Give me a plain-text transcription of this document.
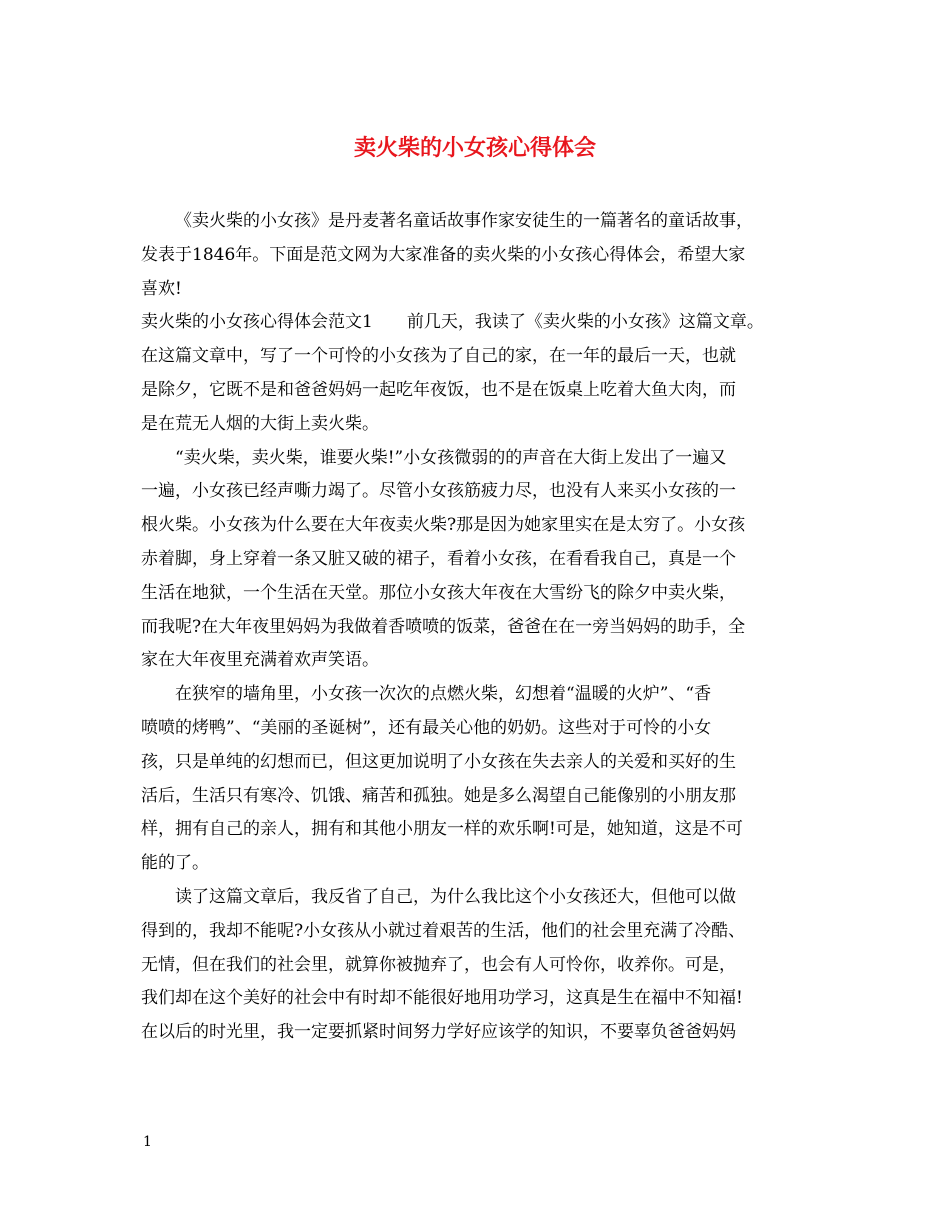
卖火柴的小女孩心得体会

《卖火柴的小女孩》是丹麦著名童话故事作家安徒生的一篇著名的童话故事，
发表于1846年。下面是范文网为大家准备的卖火柴的小女孩心得体会，希望大家
喜欢!

卖火柴的小女孩心得体会范文1　　前几天，我读了《卖火柴的小女孩》这篇文章。
在这篇文章中，写了一个可怜的小女孩为了自己的家，在一年的最后一天，也就
是除夕，它既不是和爸爸妈妈一起吃年夜饭，也不是在饭桌上吃着大鱼大肉，而
是在荒无人烟的大街上卖火柴。

“卖火柴，卖火柴，谁要火柴!”小女孩微弱的的声音在大街上发出了一遍又
一遍，小女孩已经声嘶力竭了。尽管小女孩筋疲力尽，也没有人来买小女孩的一
根火柴。小女孩为什么要在大年夜卖火柴?那是因为她家里实在是太穷了。小女孩
赤着脚，身上穿着一条又脏又破的裙子，看着小女孩，在看看我自己，真是一个
生活在地狱，一个生活在天堂。那位小女孩大年夜在大雪纷飞的除夕中卖火柴，
而我呢?在大年夜里妈妈为我做着香喷喷的饭菜，爸爸在在一旁当妈妈的助手，全
家在大年夜里充满着欢声笑语。

在狭窄的墙角里，小女孩一次次的点燃火柴，幻想着“温暖的火炉”、“香
喷喷的烤鸭”、“美丽的圣诞树”，还有最关心他的奶奶。这些对于可怜的小女
孩，只是单纯的幻想而已，但这更加说明了小女孩在失去亲人的关爱和买好的生
活后，生活只有寒冷、饥饿、痛苦和孤独。她是多么渴望自己能像别的小朋友那
样，拥有自己的亲人，拥有和其他小朋友一样的欢乐啊!可是，她知道，这是不可
能的了。

读了这篇文章后，我反省了自己，为什么我比这个小女孩还大，但他可以做
得到的，我却不能呢?小女孩从小就过着艰苦的生活，他们的社会里充满了冷酷、
无情，但在我们的社会里，就算你被抛弃了，也会有人可怜你，收养你。可是，
我们却在这个美好的社会中有时却不能很好地用功学习，这真是生在福中不知福!
在以后的时光里，我一定要抓紧时间努力学好应该学的知识，不要辜负爸爸妈妈

1
